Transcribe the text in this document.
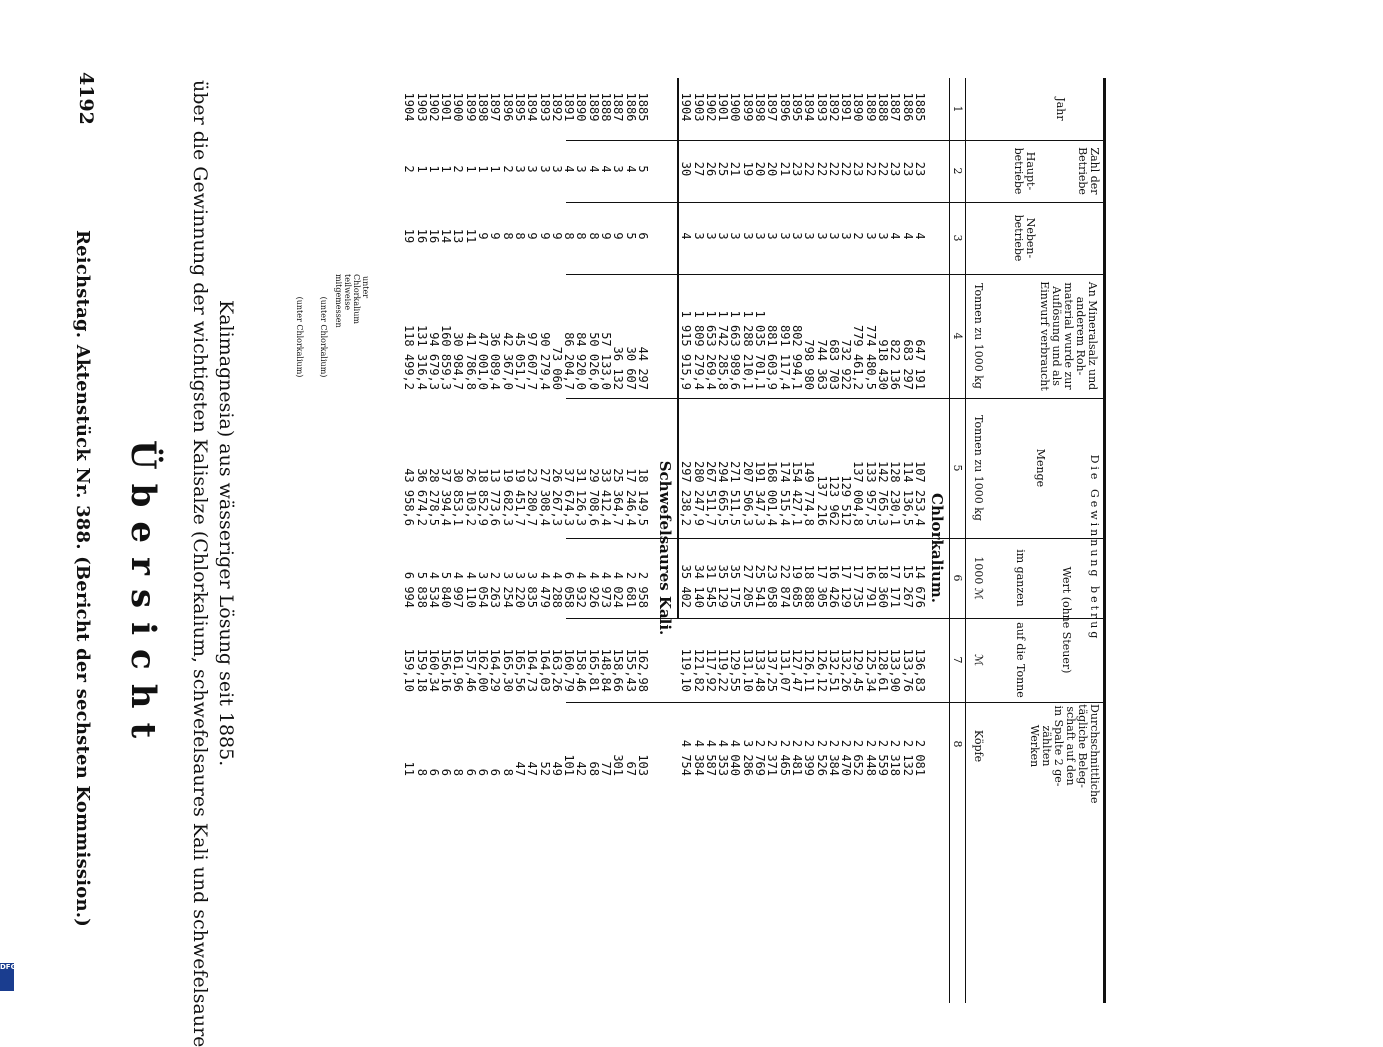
4192
Reichstag. Aktenstück Nr. 388. (Bericht der sechsten Kommission.) Übersicht über die Gewinnung der wichtigsten Kalisalze (Chlorkalium, schwefelsaures Kali und schwefelsaure Kalimagnesia) aus wässeriger Lösung seit 1885.
Jahr
Zahl der Betriebe
Haupt-betriebe
Neben-betriebe
An Mineralsalz und anderem Roh-material wurde zur Auflösung und als Einwurf verbraucht
Tonnen zu 1000 kg
Die Gewinnung betrug
Menge
Tonnen zu 1000 kg
Wert (ohne Steuer)
im ganzen
1000 ℳ
auf die Tonne
ℳ
Durchschnittliche tägliche Beleg-schaft auf den in Spalte 2 ge-zählten Werken
Köpfe
1
2
3
4
5
6
7
8
Chlorkalium.
1885
23
4
647 191
107 253,4
14 676
136,83
2 081
1886
23
4
683 297
114 136,5
15 267
133,76
2 132
1887
23
4
822 136
128 230,1
17 171
133,90
2 318
1888
22
3
918 430
142 765,3
18 360
128,61
2 559
1889
22
3
774 480,5
133 957,5
16 791
125,34
2 448
1890
23
2
779 461,2
137 004,8
17 735
129,45
2 652
1891
22
3
732 922
129 512
17 129
132,26
2 470
1892
22
3
683 703
123 962
16 426
132,51
2 384
1893
22
3
744 363
137 216
17 305
126,12
2 526
1894
22
3
798 980
149 774,8
18 888
126,11
2 399
1895
23
3
802 994,1
154 427,1
19 685
127,47
2 481
1896
21
3
891 117,4
174 515,4
22 874
131,07
2 465
1897
20
3
881 603,9
168 001,4
23 058
137,25
2 371
1898
20
3
1 035 701,1
191 347,3
25 541
133,48
2 769
1899
19
3
1 288 210,1
207 506,3
27 205
131,10
3 286
1900
21
3
1 663 989,6
271 511,5
35 175
129,55
4 040
1901
25
3
1 742 285,8
294 665,5
35 129
119,22
4 353
1902
26
3
1 653 269,4
267 511,7
31 545
117,92
4 587
1903
27
3
1 809 279,4
280 247,9
34 140
121,82
4 384
1904
30
4
1 915 915,9
297 238,2
35 402
119,10
4 754
Schwefelsaures Kali.
1885
5
6
44 297
18 149,5
2 958
162,98
103
1886
4
5
30 607
17 246,4
2 681
155,43
67
1887
3
9
36 132
25 364,7
4 024
158,66
301
1888
4
9
57 133,0
33 412,4
4 973
148,84
77
1889
4
8
50 026,0
29 708,6
4 926
165,81
68
1890
3
8
84 920,0
31 126,3
4 932
158,46
42
1891
4
8
86 204,7
37 674,3
6 058
160,79
101
1892
3
9
73 060
26 267,3
4 288
163,26
49
1893
3
9
90 279,4
27 308,4
4 479
164,03
52
1894
3
9
97 607,7
23 280,7
3 835
164,73
47
1895
3
8
45 051,7
19 451,7
3 220
165,56
47
1896
2
8
42 367,0
19 682,3
3 254
165,30
8
1897
1
9
36 089,4
13 773,6
2 263
164,29
6
1898
1
9
47 001,0
18 852,9
3 054
162,00
6
1899
1
11
41 786,8
26 103,2
4 110
157,46
6
1900
2
13
30 984,7
30 853,1
4 997
161,96
8
1901
1
14
160 859,3
37 394,4
5 840
156,16
6
1902
1
16
94 679,3
28 278,5
4 534
160,34
6
1903
1
16
131 316,4
36 674,2
5 838
159,18
8
1904
2
19
118 499,2
43 958,6
6 994
159,10
11
unter Chlorkalium teilweise mitgemessen
(unter Chlorkalium)
(unter Chlorkalium)
DFG
